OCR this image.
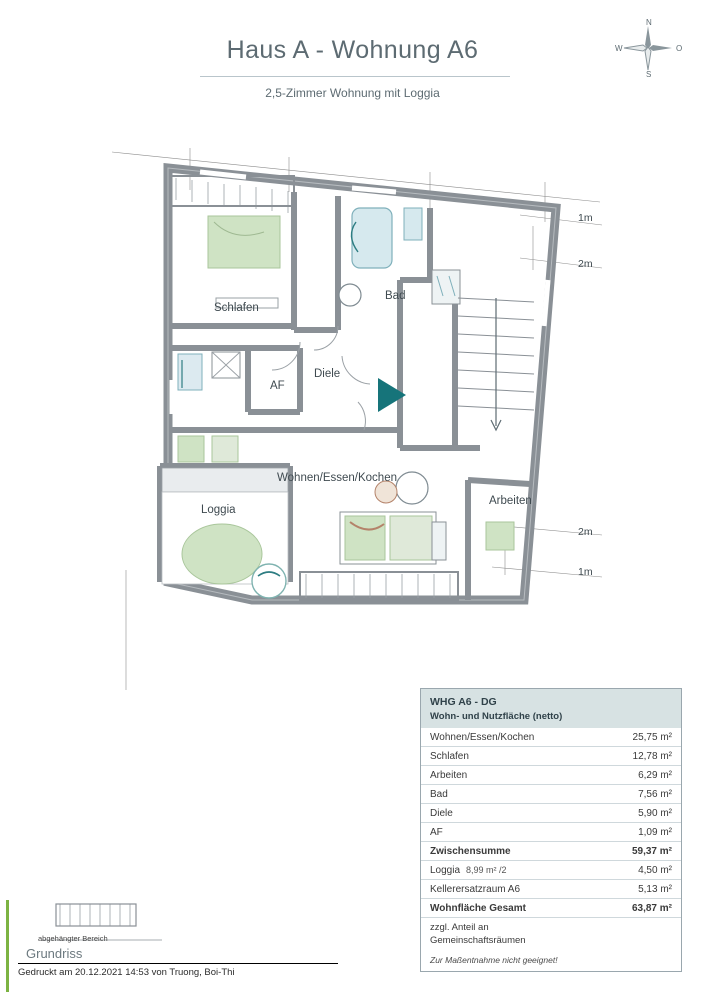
Haus A - Wohnung A6
2,5-Zimmer Wohnung mit Loggia
N
S
W	O
Schlafen
Bad
Diele
AF
Wohnen/Essen/Kochen
Arbeiten
Loggia
1m
2m
2m
1m
WHG A6 - DG
Wohn- und Nutzfläche (netto)
Wohnen/Essen/Kochen	25,75 m²
Schlafen	12,78 m²
Arbeiten	6,29 m²
Bad	7,56 m²
Diele	5,90 m²
AF	1,09 m²
Zwischensumme	59,37 m²
Loggia 8,99 m² /2	4,50 m²
Kellerersatzraum A6	5,13 m²
Wohnfläche Gesamt	63,87 m²
zzgl. Anteil an
Gemeinschaftsräumen
Zur Maßentnahme nicht geeignet!
abgehängter Bereich
Grundriss
Gedruckt am 20.12.2021 14:53 von Truong, Boi-Thi
